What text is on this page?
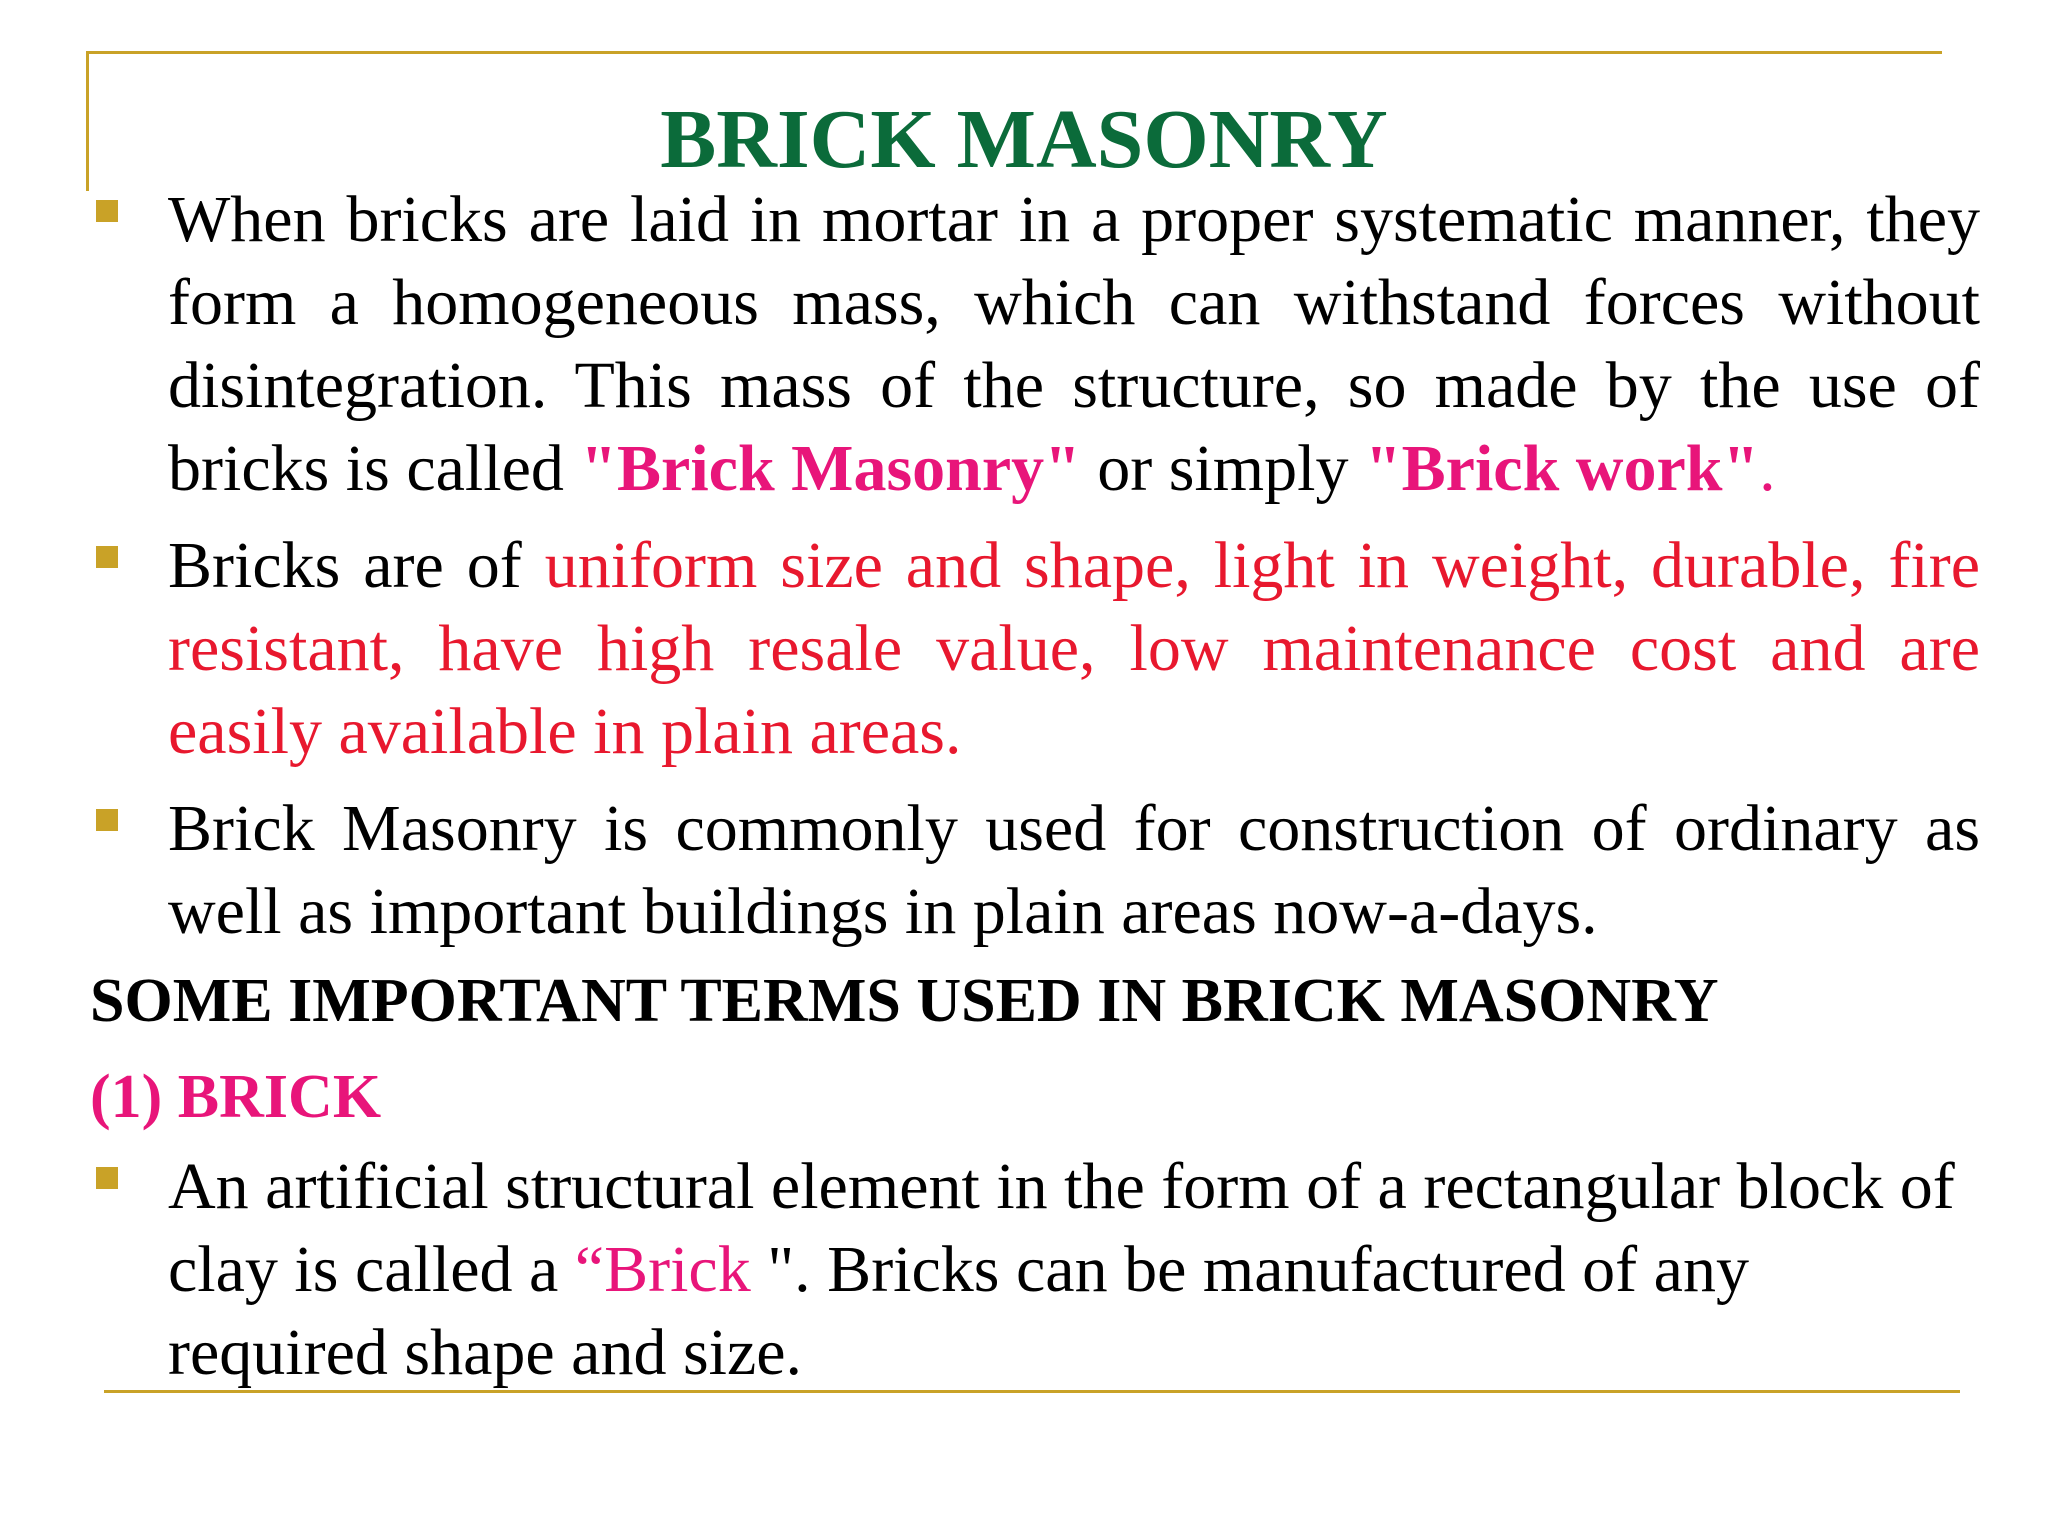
BRICK MASONRY

When bricks are laid in mortar in a proper systematic manner, they form a homogeneous mass, which can withstand forces without disintegration. This mass of the structure, so made by the use of bricks is called "Brick Masonry" or simply "Brick work".

Bricks are of uniform size and shape, light in weight, durable, fire resistant, have high resale value, low maintenance cost and are easily available in plain areas.

Brick Masonry is commonly used for construction of ordinary as well as important buildings in plain areas now-a-days.

SOME IMPORTANT TERMS USED IN BRICK MASONRY

(1) BRICK

An artificial structural element in the form of a rectangular block of clay is called a “Brick ". Bricks can be manufactured of any required shape and size.
